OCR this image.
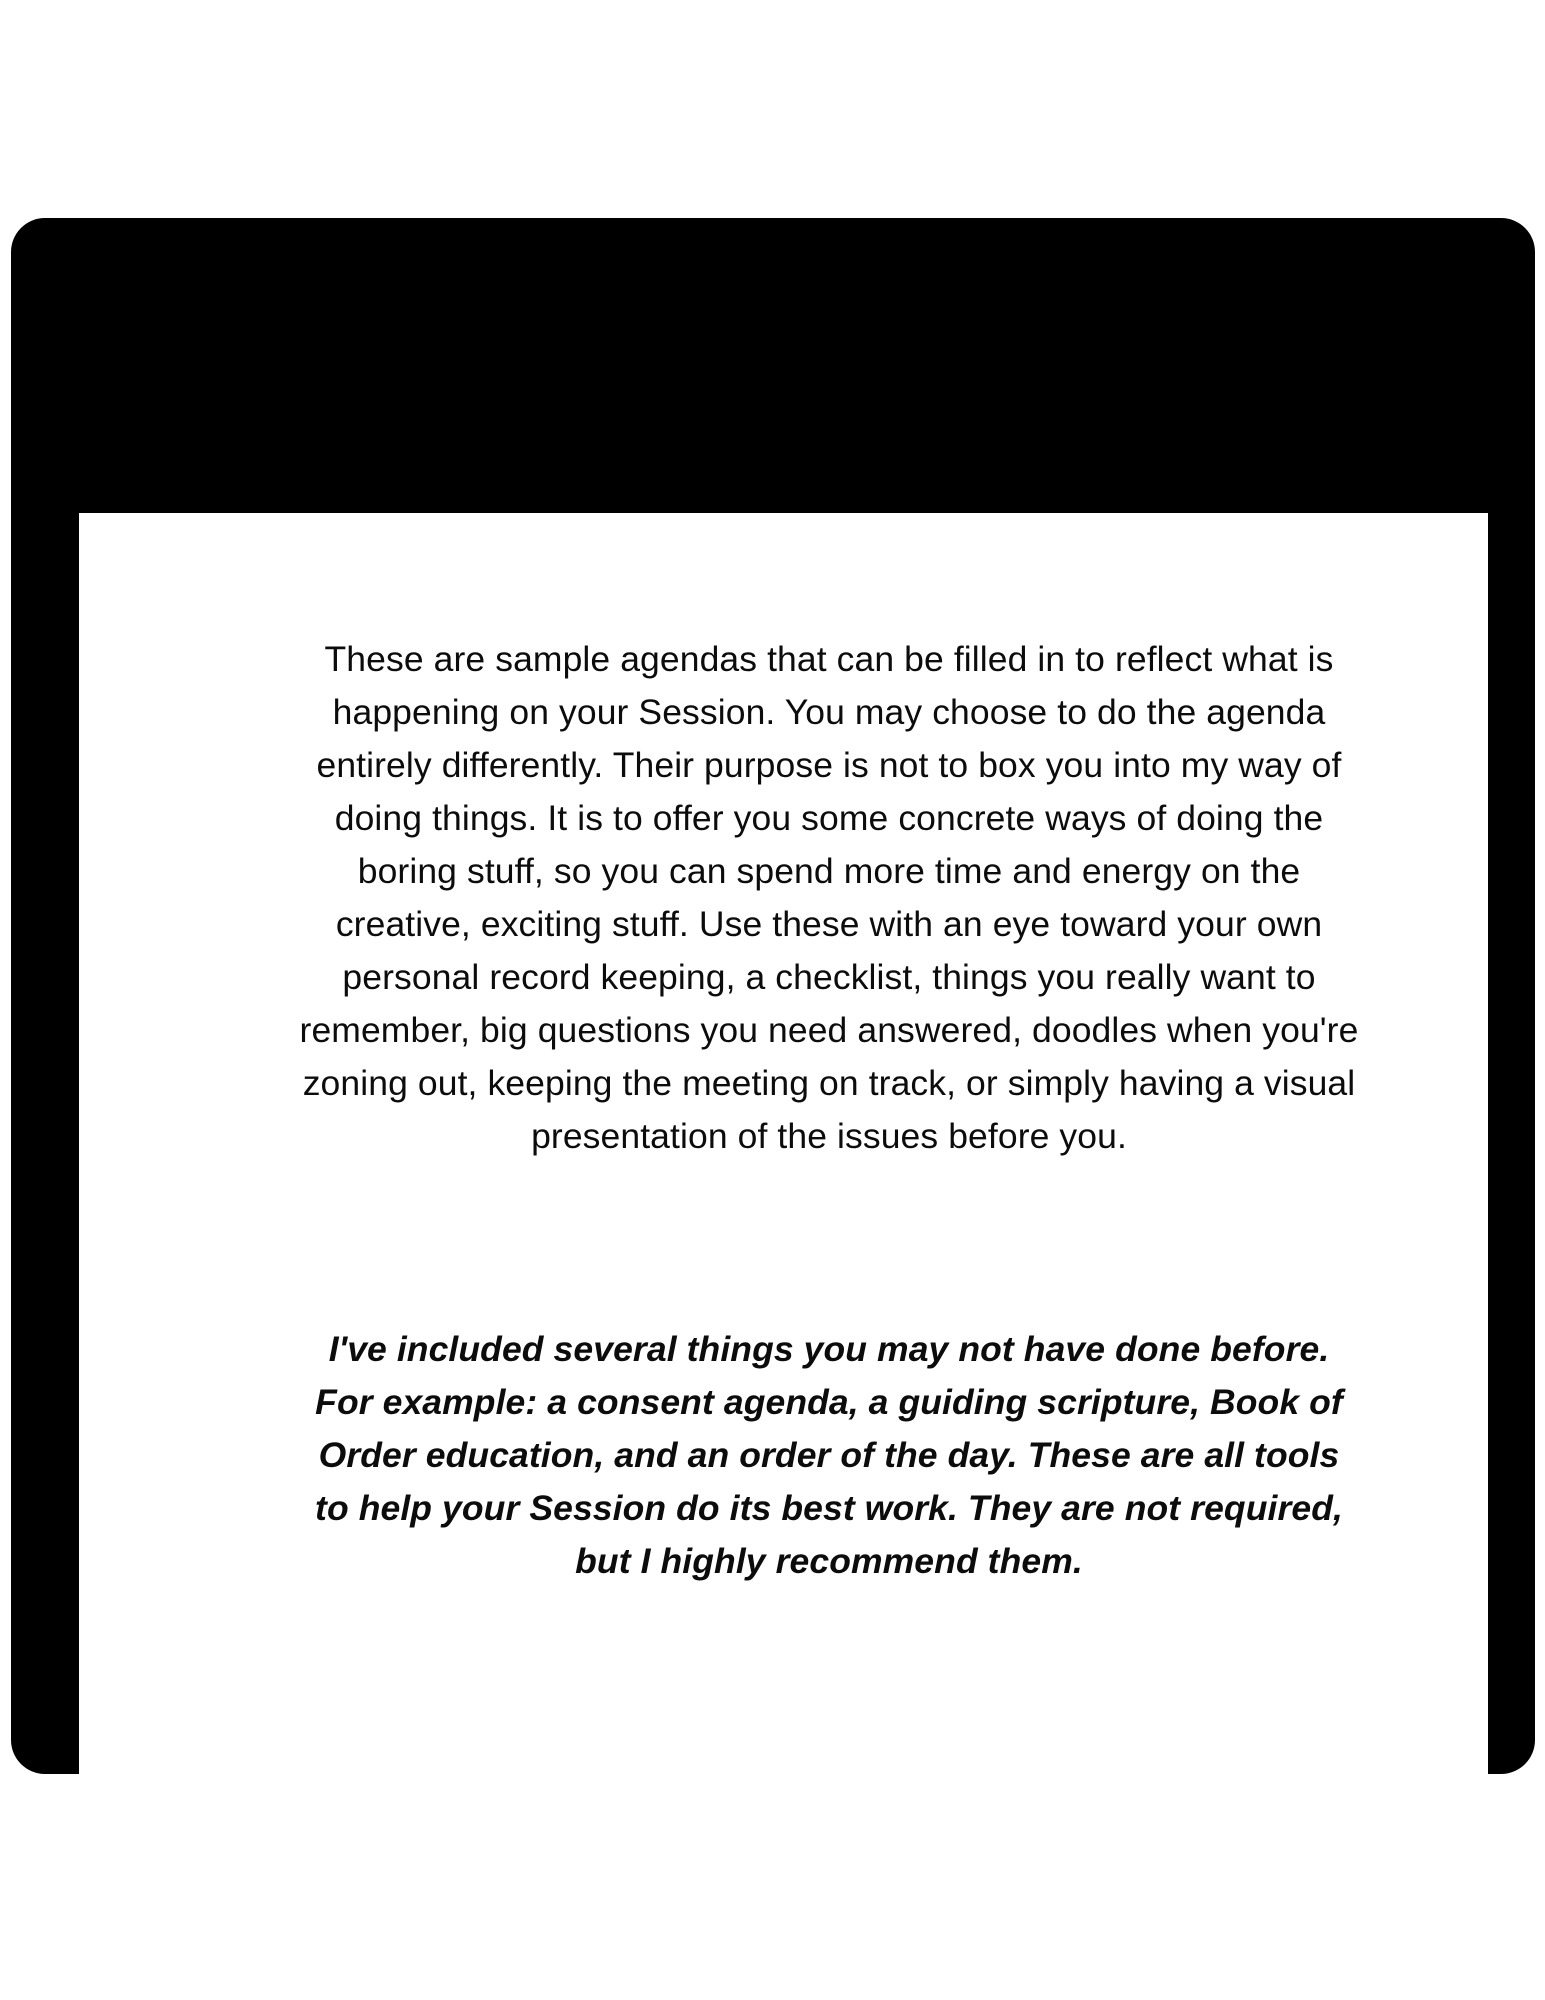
These are sample agendas that can be filled in to reflect what is happening on your Session. You may choose to do the agenda entirely differently. Their purpose is not to box you into my way of doing things. It is to offer you some concrete ways of doing the boring stuff, so you can spend more time and energy on the creative, exciting stuff. Use these with an eye toward your own personal record keeping, a checklist, things you really want to remember, big questions you need answered, doodles when you're zoning out, keeping the meeting on track, or simply having a visual presentation of the issues before you.

I've included several things you may not have done before. For example: a consent agenda, a guiding scripture, Book of Order education, and an order of the day. These are all tools to help your Session do its best work. They are not required, but I highly recommend them.
